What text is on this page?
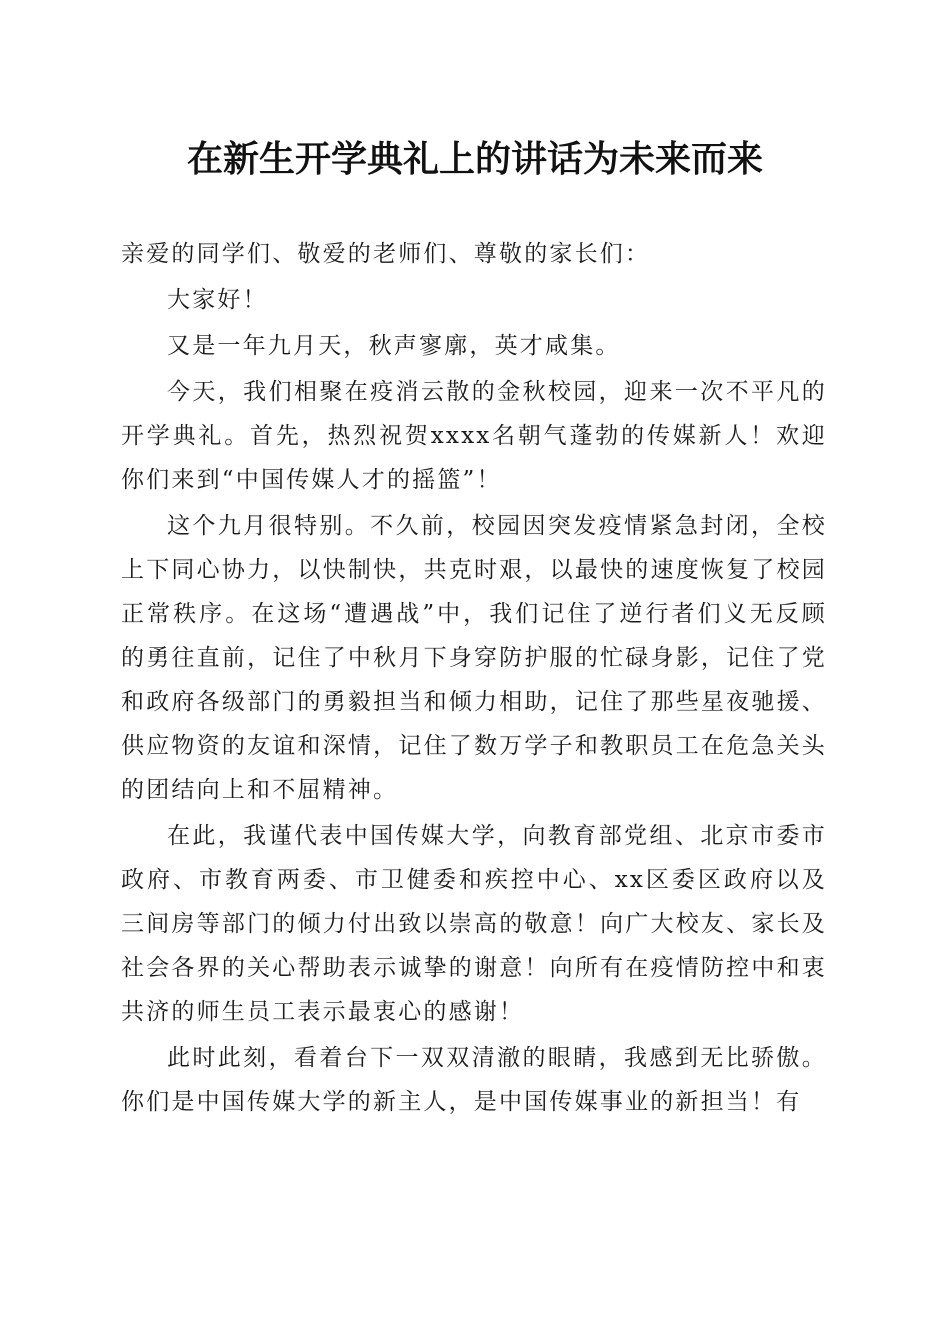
在新生开学典礼上的讲话为未来而来

亲爱的同学们、敬爱的老师们、尊敬的家长们：

大家好！

又是一年九月天，秋声寥廓，英才咸集。

今天，我们相聚在疫消云散的金秋校园，迎来一次不平凡的开学典礼。首先，热烈祝贺xxxx名朝气蓬勃的传媒新人！欢迎你们来到“中国传媒人才的摇篮”！

这个九月很特别。不久前，校园因突发疫情紧急封闭，全校上下同心协力，以快制快，共克时艰，以最快的速度恢复了校园正常秩序。在这场“遭遇战”中，我们记住了逆行者们义无反顾的勇往直前，记住了中秋月下身穿防护服的忙碌身影，记住了党和政府各级部门的勇毅担当和倾力相助，记住了那些星夜驰援、供应物资的友谊和深情，记住了数万学子和教职员工在危急关头的团结向上和不屈精神。

在此，我谨代表中国传媒大学，向教育部党组、北京市委市政府、市教育两委、市卫健委和疾控中心、xx区委区政府以及三间房等部门的倾力付出致以崇高的敬意！向广大校友、家长及社会各界的关心帮助表示诚挚的谢意！向所有在疫情防控中和衷共济的师生员工表示最衷心的感谢！

此时此刻，看着台下一双双清澈的眼睛，我感到无比骄傲。你们是中国传媒大学的新主人，是中国传媒事业的新担当！有
